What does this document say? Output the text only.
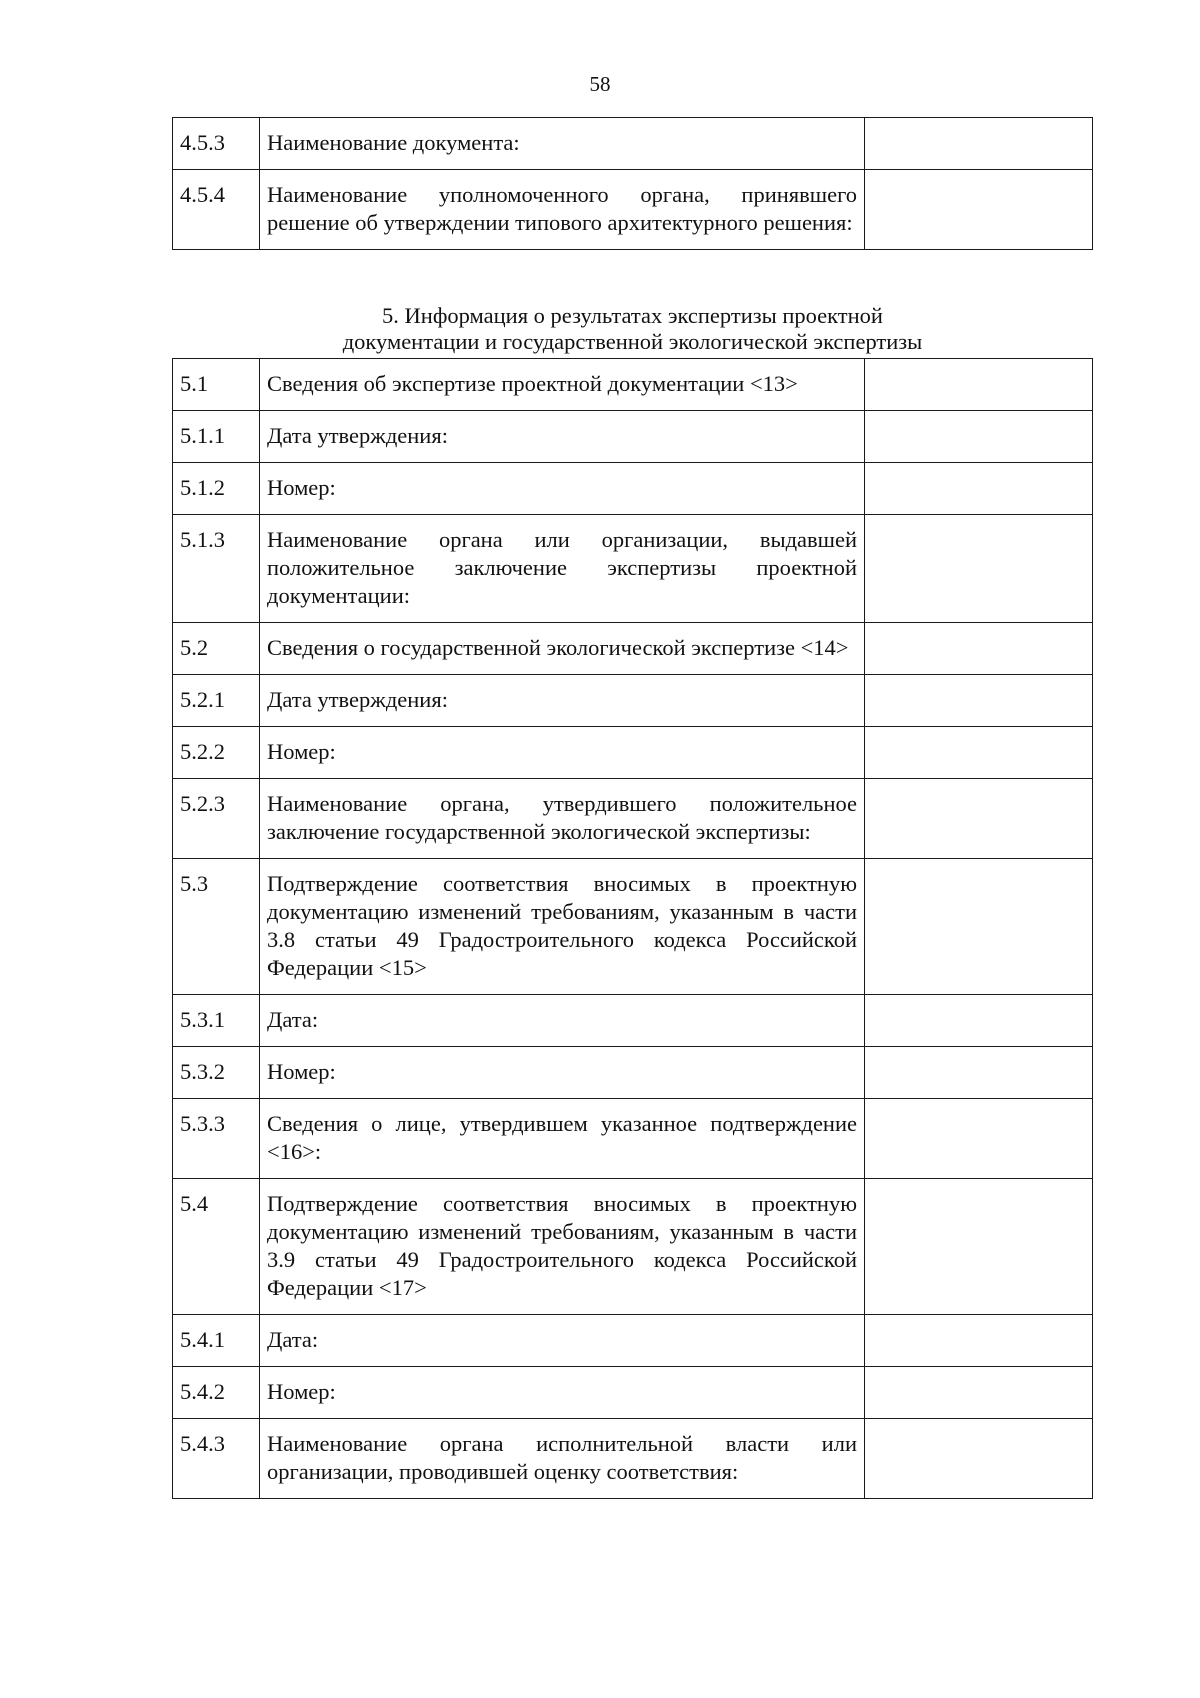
58
4.5.3	Наименование документа:	
4.5.4	Наименование уполномоченного органа, принявшего решение об утверждении типового архитектурного решения:	
5. Информация о результатах экспертизы проектной
документации и государственной экологической экспертизы
5.1	Сведения об экспертизе проектной документации <13>	
5.1.1	Дата утверждения:	
5.1.2	Номер:	
5.1.3	Наименование органа или организации, выдавшей положительное заключение экспертизы проектной документации:	
5.2	Сведения о государственной экологической экспертизе <14>	
5.2.1	Дата утверждения:	
5.2.2	Номер:	
5.2.3	Наименование органа, утвердившего положительное заключение государственной экологической экспертизы:	
5.3	Подтверждение соответствия вносимых в проектную документацию изменений требованиям, указанным в части 3.8 статьи 49 Градостроительного кодекса Российской Федерации <15>	
5.3.1	Дата:	
5.3.2	Номер:	
5.3.3	Сведения о лице, утвердившем указанное подтверждение <16>:	
5.4	Подтверждение соответствия вносимых в проектную документацию изменений требованиям, указанным в части 3.9 статьи 49 Градостроительного кодекса Российской Федерации <17>	
5.4.1	Дата:	
5.4.2	Номер:	
5.4.3	Наименование органа исполнительной власти или организации, проводившей оценку соответствия:	
